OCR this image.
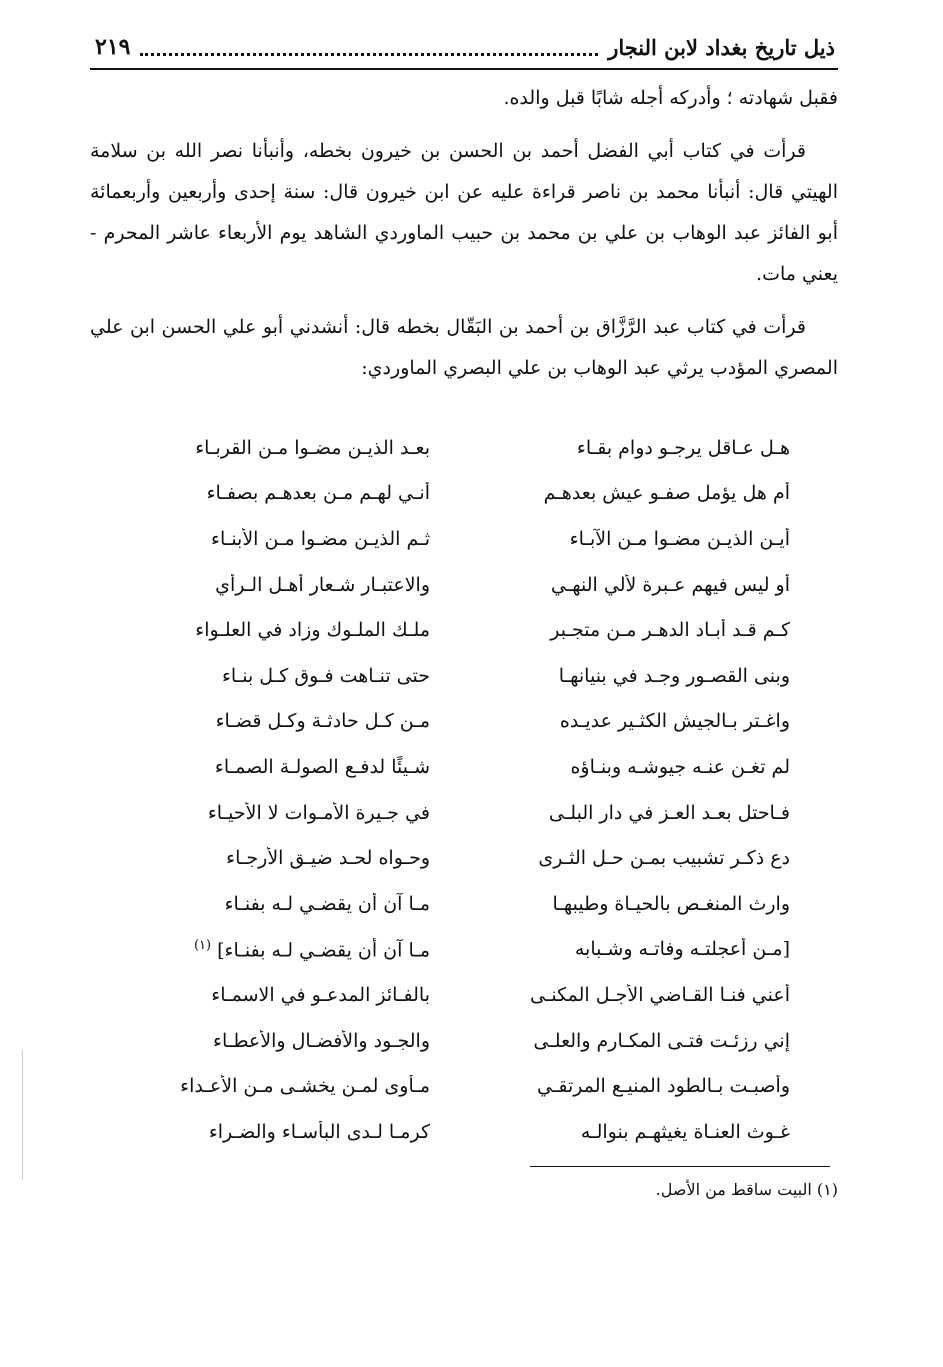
ذيل تاريخ بغداد لابن النجار
٢١٩

فقبل شهادته ؛ وأدركه أجله شابًا قبل والده.

قرأت في كتاب أبي الفضل أحمد بن الحسن بن خيرون بخطه، وأنبأنا نصر الله بن سلامة الهيتي قال: أنبأنا محمد بن ناصر قراءة عليه عن ابن خيرون قال: سنة إحدى وأربعين وأربعمائة أبو الفائز عبد الوهاب بن علي بن محمد بن حبيب الماوردي الشاهد يوم الأربعاء عاشر المحرم - يعني مات.

قرأت في كتاب عبد الرَّزَّاق بن أحمد بن البَقّال بخطه قال: أنشدني أبو علي الحسن ابن علي المصري المؤدب يرثي عبد الوهاب بن علي البصري الماوردي:

هـل عـاقل يرجـو دوام بقـاء
بعـد الذيـن مضـوا مـن القربـاء
أم هل يؤمل صفـو عيش بعدهـم
أنـي لهـم مـن بعدهـم بصفـاء
أيـن الذيـن مضـوا مـن الآبـاء
ثـم الذيـن مضـوا مـن الأبنـاء
أو ليس فيهم عـبرة لألي النهـي
والاعتبـار شـعار أهـل الـرأي
كـم قـد أبـاد الدهـر مـن متجـبر
ملـك الملـوك وزاد في العلـواء
وبنى القصـور وجـد في بنيانهـا
حتى تنـاهت فـوق كـل بنـاء
واغـتر بـالجيش الكثـير عديـده
مـن كـل حادثـة وكـل قضـاء
لم تغـن عنـه جيوشـه وبنـاؤه
شـيئًا لدفـع الصولـة الصمـاء
فـاحتل بعـد العـز في دار البلـى
في جـيرة الأمـوات لا الأحيـاء
دع ذكـر تشبيب بمـن حـل الثـرى
وحـواه لحـد ضيـق الأرجـاء
وارث المنغـص بالحيـاة وطيبهـا
مـا آن أن يقضـي لـه بفنـاء
[مـن أعجلتـه وفاتـه وشـبابه
مـا آن أن يقضـي لـه بفنـاء] $^{(١)}$
أعني فنـا القـاضي الأجـل المكنـى
بالفـائز المدعـو في الاسمـاء
إني رزئـت فتـى المكـارم والعلـى
والجـود والأفضـال والأعطـاء
وأصبـت بـالطود المنيـع المرتقـي
مـأوى لمـن يخشـى مـن الأعـداء
غـوث العنـاة يغيثهـم بنوالـه
كرمـا لـدى البأسـاء والضـراء
(١) البيت ساقط من الأصل.
